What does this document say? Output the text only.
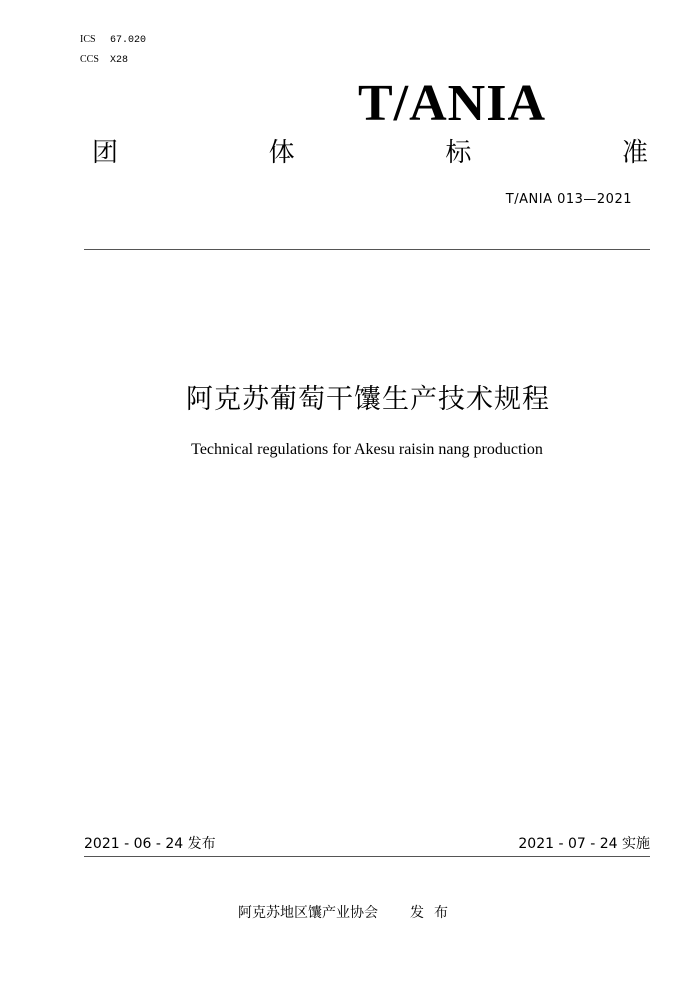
ICS 67.020
CCS X28
T/ANIA
团	体	标	准
T/ANIA 013—2021
阿克苏葡萄干馕生产技术规程
Technical regulations for Akesu raisin nang production
2021 - 06 - 24 发布	2021 - 07 - 24 实施
阿克苏地区馕产业协会 发布
